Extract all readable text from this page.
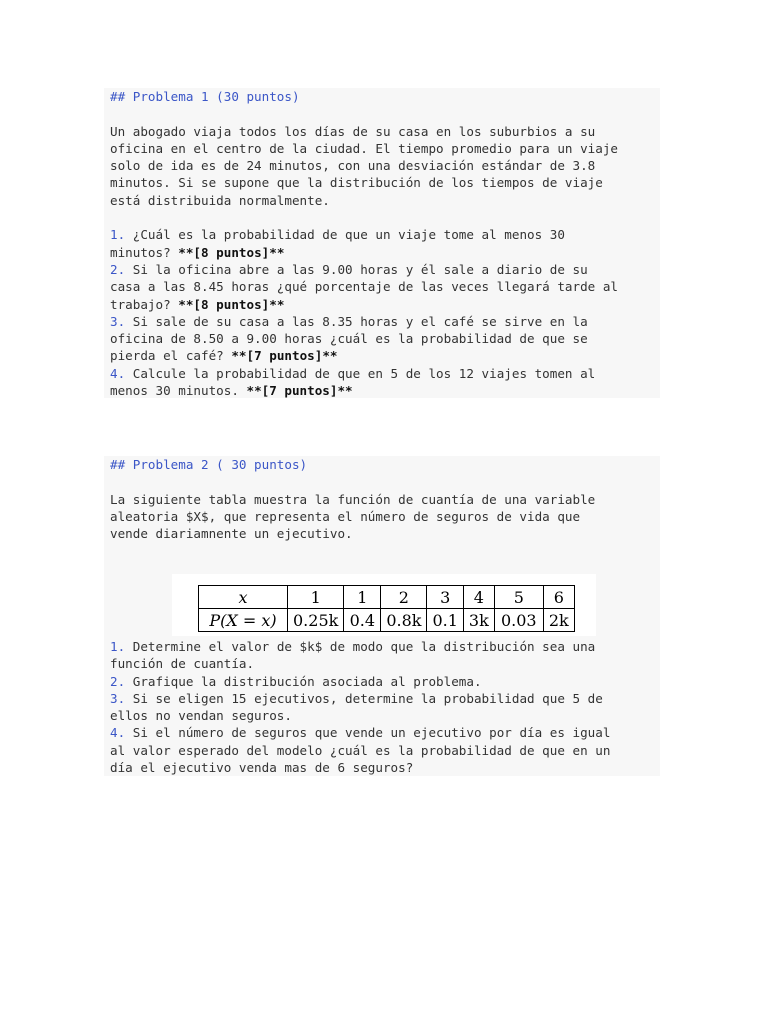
## Problema 1 (30 puntos)
Un abogado viaja todos los días de su casa en los suburbios a su
oficina en el centro de la ciudad. El tiempo promedio para un viaje
solo de ida es de 24 minutos, con una desviación estándar de 3.8
minutos. Si se supone que la distribución de los tiempos de viaje
está distribuida normalmente.
1. ¿Cuál es la probabilidad de que un viaje tome al menos 30
minutos? **[8 puntos]**
2. Si la oficina abre a las 9.00 horas y él sale a diario de su
casa a las 8.45 horas ¿qué porcentaje de las veces llegará tarde al
trabajo? **[8 puntos]**
3. Si sale de su casa a las 8.35 horas y el café se sirve en la
oficina de 8.50 a 9.00 horas ¿cuál es la probabilidad de que se
pierda el café? **[7 puntos]**
4. Calcule la probabilidad de que en 5 de los 12 viajes tomen al
menos 30 minutos. **[7 puntos]**
## Problema 2 ( 30 puntos)
La siguiente tabla muestra la función de cuantía de una variable
aleatoria $X$, que representa el número de seguros de vida que
vende diariamnente un ejecutivo.
x	1	1	2	3	4	5	6
P(X = x)	0.25k	0.4	0.8k	0.1	3k	0.03	2k
1. Determine el valor de $k$ de modo que la distribución sea una
función de cuantía.
2. Grafique la distribución asociada al problema.
3. Si se eligen 15 ejecutivos, determine la probabilidad que 5 de
ellos no vendan seguros.
4. Si el número de seguros que vende un ejecutivo por día es igual
al valor esperado del modelo ¿cuál es la probabilidad de que en un
día el ejecutivo venda mas de 6 seguros?
